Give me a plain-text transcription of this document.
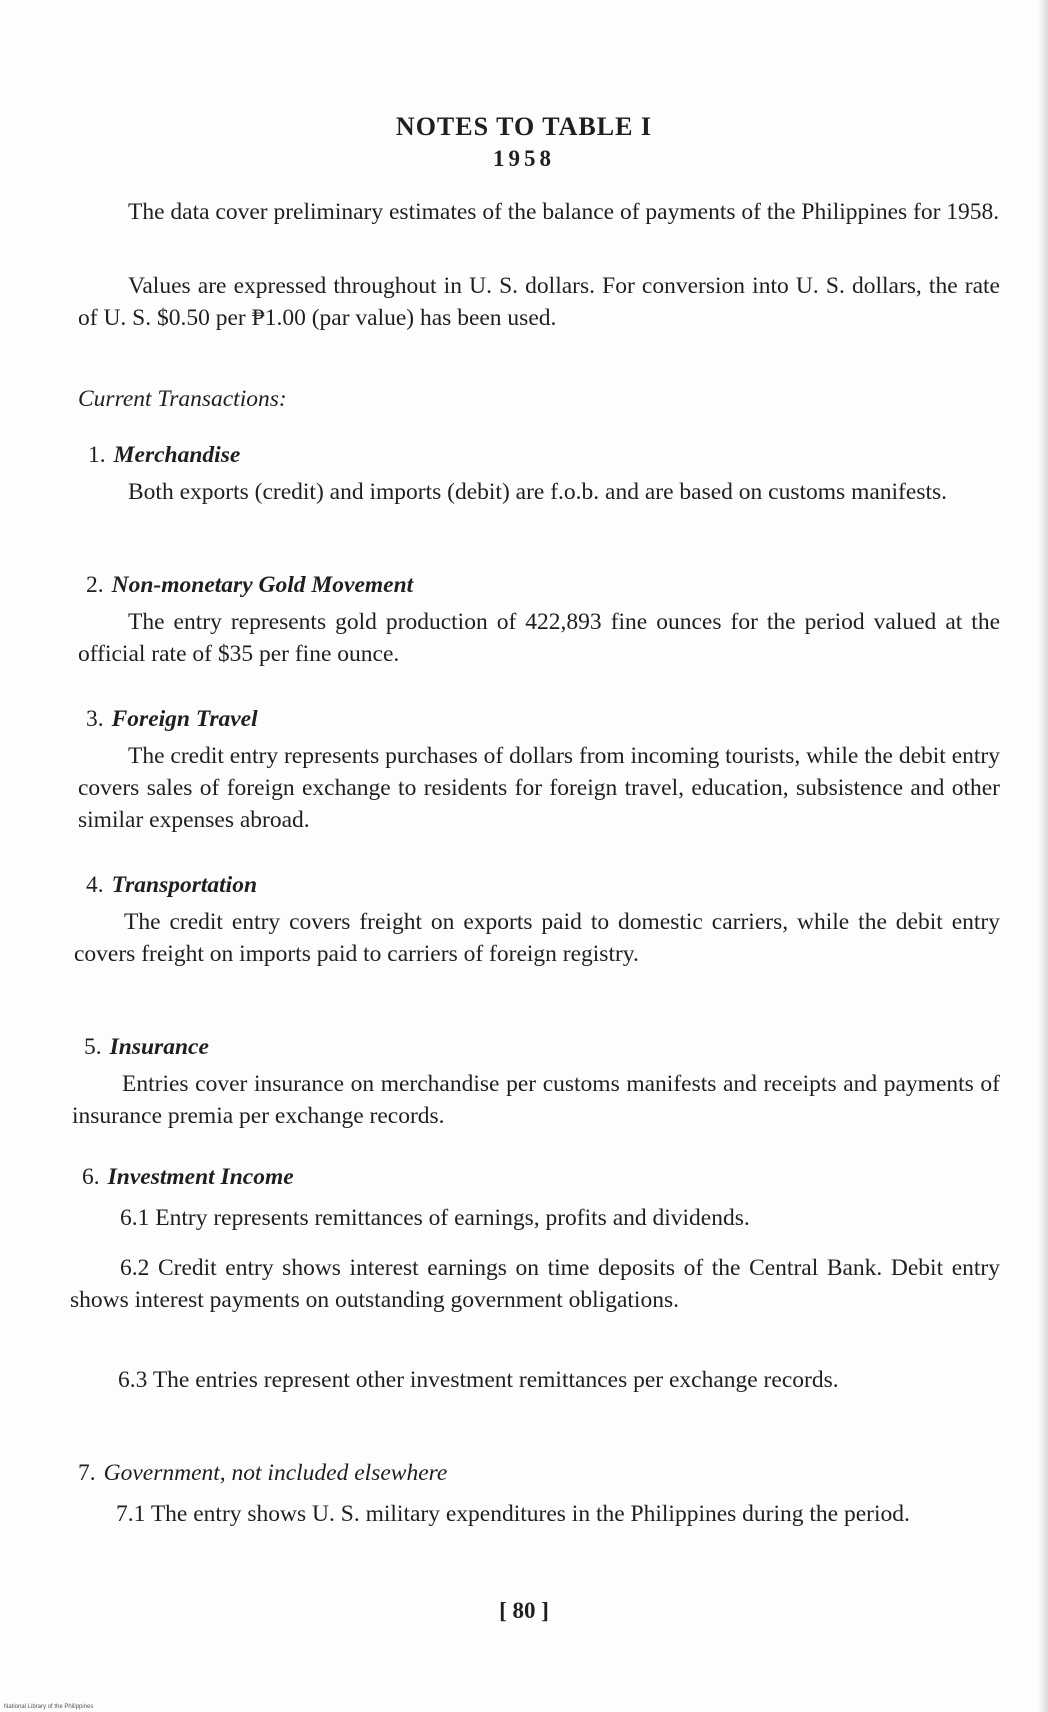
NOTES TO TABLE I
1958
The data cover preliminary estimates of the balance of payments of the Philippines for 1958.
Values are expressed throughout in U. S. dollars. For conversion into U. S. dollars, the rate of U. S. $0.50 per ₱1.00 (par value) has been used.
Current Transactions:
1. Merchandise
Both exports (credit) and imports (debit) are f.o.b. and are based on customs manifests.
2. Non-monetary Gold Movement
The entry represents gold production of 422,893 fine ounces for the period valued at the official rate of $35 per fine ounce.
3. Foreign Travel
The credit entry represents purchases of dollars from incoming tourists, while the debit entry covers sales of foreign exchange to residents for foreign travel, education, subsistence and other similar expenses abroad.
4. Transportation
The credit entry covers freight on exports paid to domestic carriers, while the debit entry covers freight on imports paid to carriers of foreign registry.
5. Insurance
Entries cover insurance on merchandise per customs manifests and receipts and payments of insurance premia per exchange records.
6. Investment Income
6.1 Entry represents remittances of earnings, profits and dividends.
6.2 Credit entry shows interest earnings on time deposits of the Central Bank. Debit entry shows interest payments on outstanding government obligations.
6.3 The entries represent other investment remittances per exchange records.
7. Government, not included elsewhere
7.1 The entry shows U. S. military expenditures in the Philippines during the period.
[ 80 ]
National Library of the Philippines
